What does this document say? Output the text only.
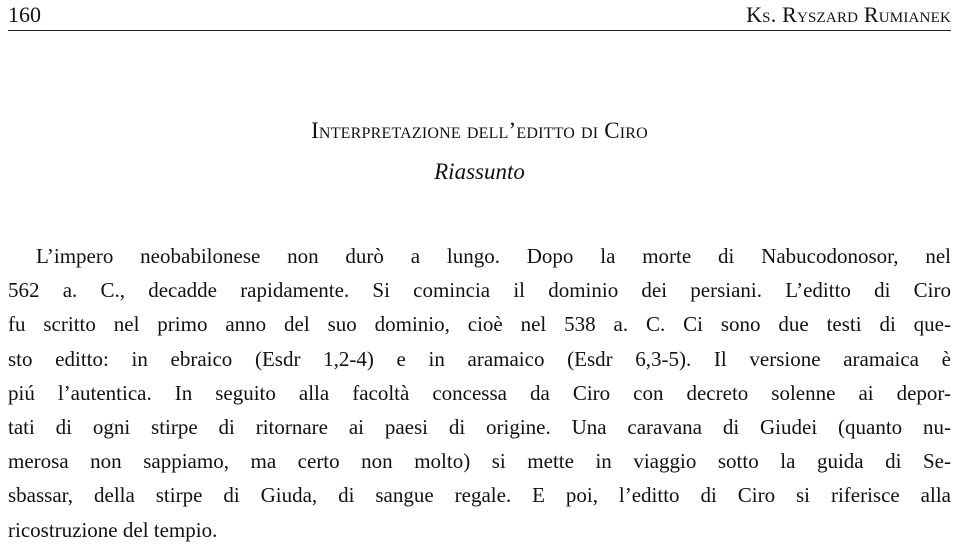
160	Ks. Ryszard Rumianek
Interpretazione dell’editto di Ciro
Riassunto
L’impero neobabilonese non durò a lungo. Dopo la morte di Nabucodonosor, nel
562 a. C., decadde rapidamente. Si comincia il dominio dei persiani. L’editto di Ciro
fu scritto nel primo anno del suo dominio, cioè nel 538 a. C. Ci sono due testi di que-
sto editto: in ebraico (Esdr 1,2-4) e in aramaico (Esdr 6,3-5). Il versione aramaica è
piú l’autentica. In seguito alla facoltà concessa da Ciro con decreto solenne ai depor-
tati di ogni stirpe di ritornare ai paesi di origine. Una caravana di Giudei (quanto nu-
merosa non sappiamo, ma certo non molto) si mette in viaggio sotto la guida di Se-
sbassar, della stirpe di Giuda, di sangue regale. E poi, l’editto di Ciro si riferisce alla
ricostruzione del tempio.
